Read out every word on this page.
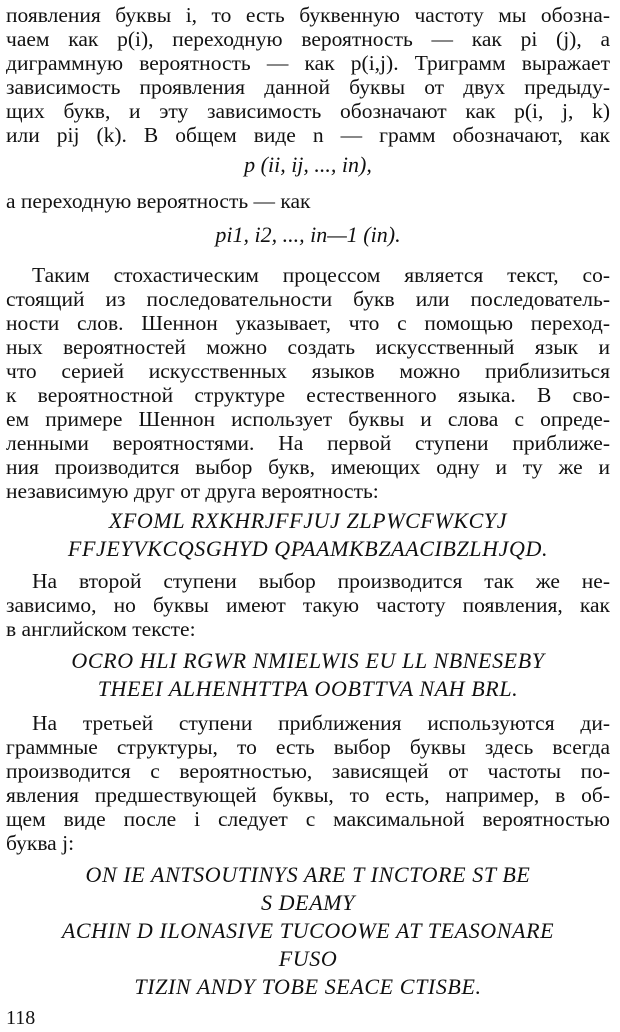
появления буквы i, то есть буквенную частоту мы обозна-
чаем как p(i), переходную вероятность — как pi (j), а
диграммную вероятность — как p(i,j). Триграмм выражает
зависимость проявления данной буквы от двух предыду-
щих букв, и эту зависимость обозначают как p(i, j, k)
или pij (k). В общем виде n — грамм обозначают, как
p (ii, ij, ..., in),
а переходную вероятность — как
pi1, i2, ..., in—1 (in).
Таким стохастическим процессом является текст, со-
стоящий из последовательности букв или последователь-
ности слов. Шеннон указывает, что с помощью переход-
ных вероятностей можно создать искусственный язык и
что серией искусственных языков можно приблизиться
к вероятностной структуре естественного языка. В сво-
ем примере Шеннон использует буквы и слова с опреде-
ленными вероятностями. На первой ступени приближе-
ния производится выбор букв, имеющих одну и ту же и
независимую друг от друга вероятность:
XFOML RXKHRJFFJUJ ZLPWCFWKCYJ
FFJEYVKCQSGHYD QPAAMKBZAACIBZLHJQD.
На второй ступени выбор производится так же не-
зависимо, но буквы имеют такую частоту появления, как
в английском тексте:
OCRO HLI RGWR NMIELWIS EU LL NBNESEBY
THEEI ALHENHTTPA OOBTTVA NAH BRL.
На третьей ступени приближения используются ди-
граммные структуры, то есть выбор буквы здесь всегда
производится с вероятностью, зависящей от частоты по-
явления предшествующей буквы, то есть, например, в об-
щем виде после i следует с максимальной вероятностью
буква j:
ON IE ANTSOUTINYS ARE T INCTORE ST BE
S DEAMY
ACHIN D ILONASIVE TUCOOWE AT TEASONARE
FUSO
TIZIN ANDY TOBE SEACE CTISBE.
118
